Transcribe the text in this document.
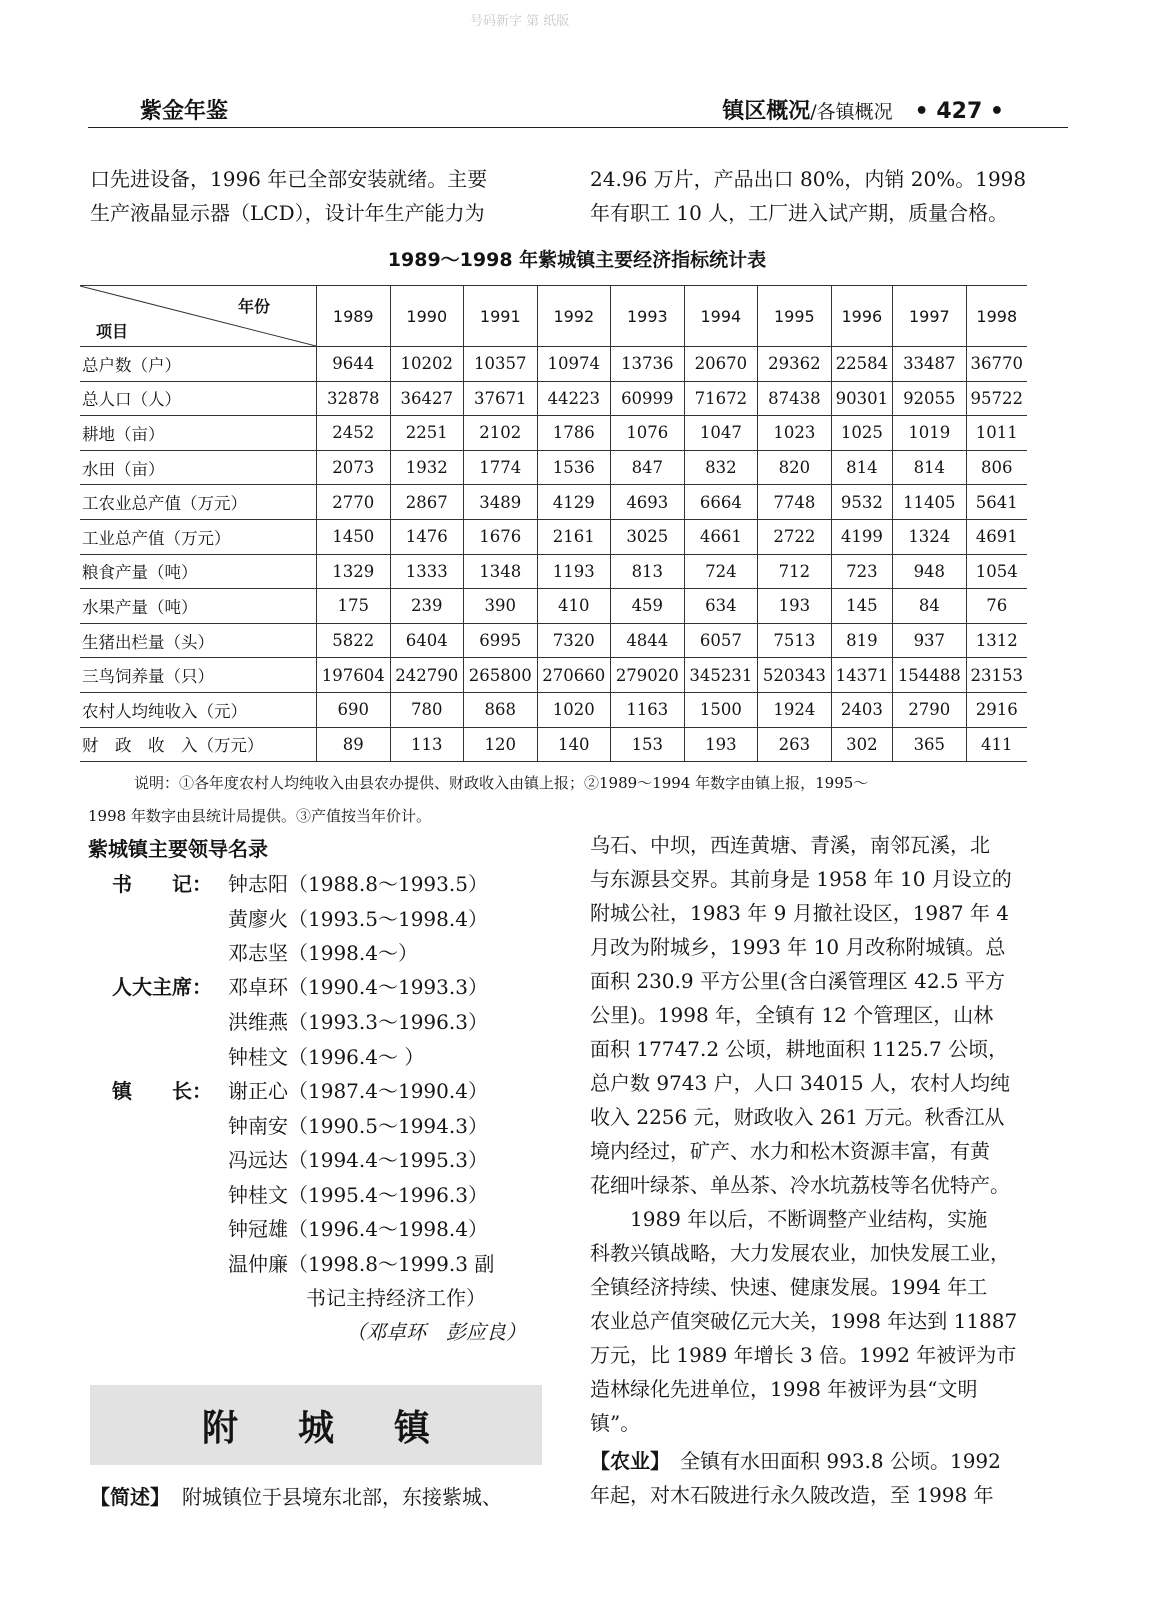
号码新字 第 纸版
紫金年鉴	镇区概况/各镇概况 • 427 •

口先进设备，1996 年已全部安装就绪。主要

生产液晶显示器（LCD），设计年生产能力为

24.96 万片，产品出口 80%，内销 20%。1998

年有职工 10 人，工厂进入试产期，质量合格。

1989～1998 年紫城镇主要经济指标统计表
年份
项目	1989	1990	1991	1992	1993	1994	1995	1996	1997	1998
总户数（户）	9644	10202	10357	10974	13736	20670	29362	22584	33487	36770
总人口（人）	32878	36427	37671	44223	60999	71672	87438	90301	92055	95722
耕地（亩）	2452	2251	2102	1786	1076	1047	1023	1025	1019	1011
水田（亩）	2073	1932	1774	1536	847	832	820	814	814	806
工农业总产值（万元）	2770	2867	3489	4129	4693	6664	7748	9532	11405	5641
工业总产值（万元）	1450	1476	1676	2161	3025	4661	2722	4199	1324	4691
粮食产量（吨）	1329	1333	1348	1193	813	724	712	723	948	1054
水果产量（吨）	175	239	390	410	459	634	193	145	84	76
生猪出栏量（头）	5822	6404	6995	7320	4844	6057	7513	819	937	1312
三鸟饲养量（只）	197604	242790	265800	270660	279020	345231	520343	14371	154488	23153
农村人均纯收入（元）	690	780	868	1020	1163	1500	1924	2403	2790	2916
财　政　收　入（万元）	89	113	120	140	153	193	263	302	365	411
说明：①各年度农村人均纯收入由县农办提供、财政收入由镇上报；②1989～1994 年数字由镇上报，1995～
1998 年数字由县统计局提供。③产值按当年价计。
紫城镇主要领导名录
书　　记： 钟志阳（1988.8～1993.5）
黄廖火（1993.5～1998.4）
邓志坚（1998.4～）
人大主席： 邓卓环（1990.4～1993.3）
洪维燕（1993.3～1996.3）
钟桂文（1996.4～ ）
镇　　长： 谢正心（1987.4～1990.4）
钟南安（1990.5～1994.3）
冯远达（1994.4～1995.3）
钟桂文（1995.4～1996.3）
钟冠雄（1996.4～1998.4）
温仲廉（1998.8～1999.3 副
书记主持经济工作）
（邓卓环　彭应良）
附城镇

【简述】 附城镇位于县境东北部，东接紫城、

乌石、中坝，西连黄塘、青溪，南邻瓦溪，北

与东源县交界。其前身是 1958 年 10 月设立的

附城公社，1983 年 9 月撤社设区，1987 年 4

月改为附城乡，1993 年 10 月改称附城镇。总

面积 230.9 平方公里(含白溪管理区 42.5 平方

公里)。1998 年，全镇有 12 个管理区，山林

面积 17747.2 公顷，耕地面积 1125.7 公顷，

总户数 9743 户，人口 34015 人，农村人均纯

收入 2256 元，财政收入 261 万元。秋香江从

境内经过，矿产、水力和松木资源丰富，有黄

花细叶绿茶、单丛茶、冷水坑荔枝等名优特产。

　　1989 年以后，不断调整产业结构，实施

科教兴镇战略，大力发展农业，加快发展工业，

全镇经济持续、快速、健康发展。1994 年工

农业总产值突破亿元大关，1998 年达到 11887

万元，比 1989 年增长 3 倍。1992 年被评为市

造林绿化先进单位，1998 年被评为县“文明

镇”。

【农业】　全镇有水田面积 993.8 公顷。1992

年起，对木石陂进行永久陂改造，至 1998 年
